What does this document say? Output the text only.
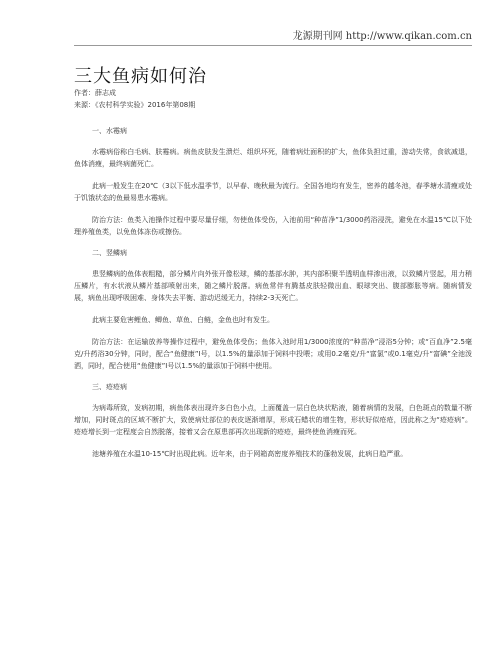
龙源期刊网 http://www.qikan.com.cn
三大鱼病如何治
作者：薛志成
来源：《农村科学实验》2016年第08期
一、水霉病

水霉病俗称白毛病、肤霉病。病鱼皮肤发生溃烂、组织坏死，随着病灶面积的扩大，鱼体负担过重，游动失常，食欲减退，鱼体消瘦，最终病菌死亡。

此病一般发生在20℃（3以下低水温季节，以早春、晚秋最为流行。全国各地均有发生，密养的越冬池，春季塘水清瘦或处于饥饿状态的鱼最易患水霉病。

防治方法：鱼类入池操作过程中要尽量仔细，勿使鱼体受伤，入池前用“种苗净”1/3000药浴浸洗，避免在水温15℃以下处理养殖鱼类，以免鱼体冻伤或擦伤。

二、竖鳞病

患竖鳞病的鱼体表粗糙，部分鳞片向外张开像松球，鳞的基部水肿，其内部积聚半透明血样渗出液，以致鳞片竖起，用力稍压鳞片，有水状液从鳞片基部喷射出来，随之鳞片脱落。病鱼常伴有腾基皮肤轻微出血、眼球突出、腹部膨胀等病。随病情发展，病鱼出现呼吸困难、身体失去平衡、游动迟缓无力，持续2-3天死亡。

此病主要危害鲤鱼、鲫鱼、草鱼、白鲢，金鱼也时有发生。

防治方法：在运输放养等操作过程中，避免鱼体受伤；鱼体入池时用1/3000浓度的“种苗净”浸浴5分钟；或“百血净”2.5毫克/升药浴30分钟，同时，配合“鱼健康”Ⅰ号，以1.5%的量添加于饲料中投喂；或用0.2毫克/升“富氯”或0.1毫克/升“富碘”全池泼洒，同时，配合使用“鱼健康”Ⅰ号以1.5%的量添加于饲料中使用。

三、疮疮病

为病毒所致，发病初期，病鱼体表出现许多白色小点，上面覆盖一层白色块状粘液，随着病情的发展，白色斑点的数量不断增加，同时斑点的区域不断扩大，致使病灶部位的表皮逐渐增厚，形成石蜡状的增生物，形状好似疮疮，因此称之为“疮疮病”。疮疮增长到一定程度会自然脱落，接着又会在原患部再次出现新的疮疮，最终使鱼消瘦而死。

池塘养殖在水温10-15℃时出现此病。近年来，由于网箱高密度养殖技术的蓬勃发展，此病日趋严重。
